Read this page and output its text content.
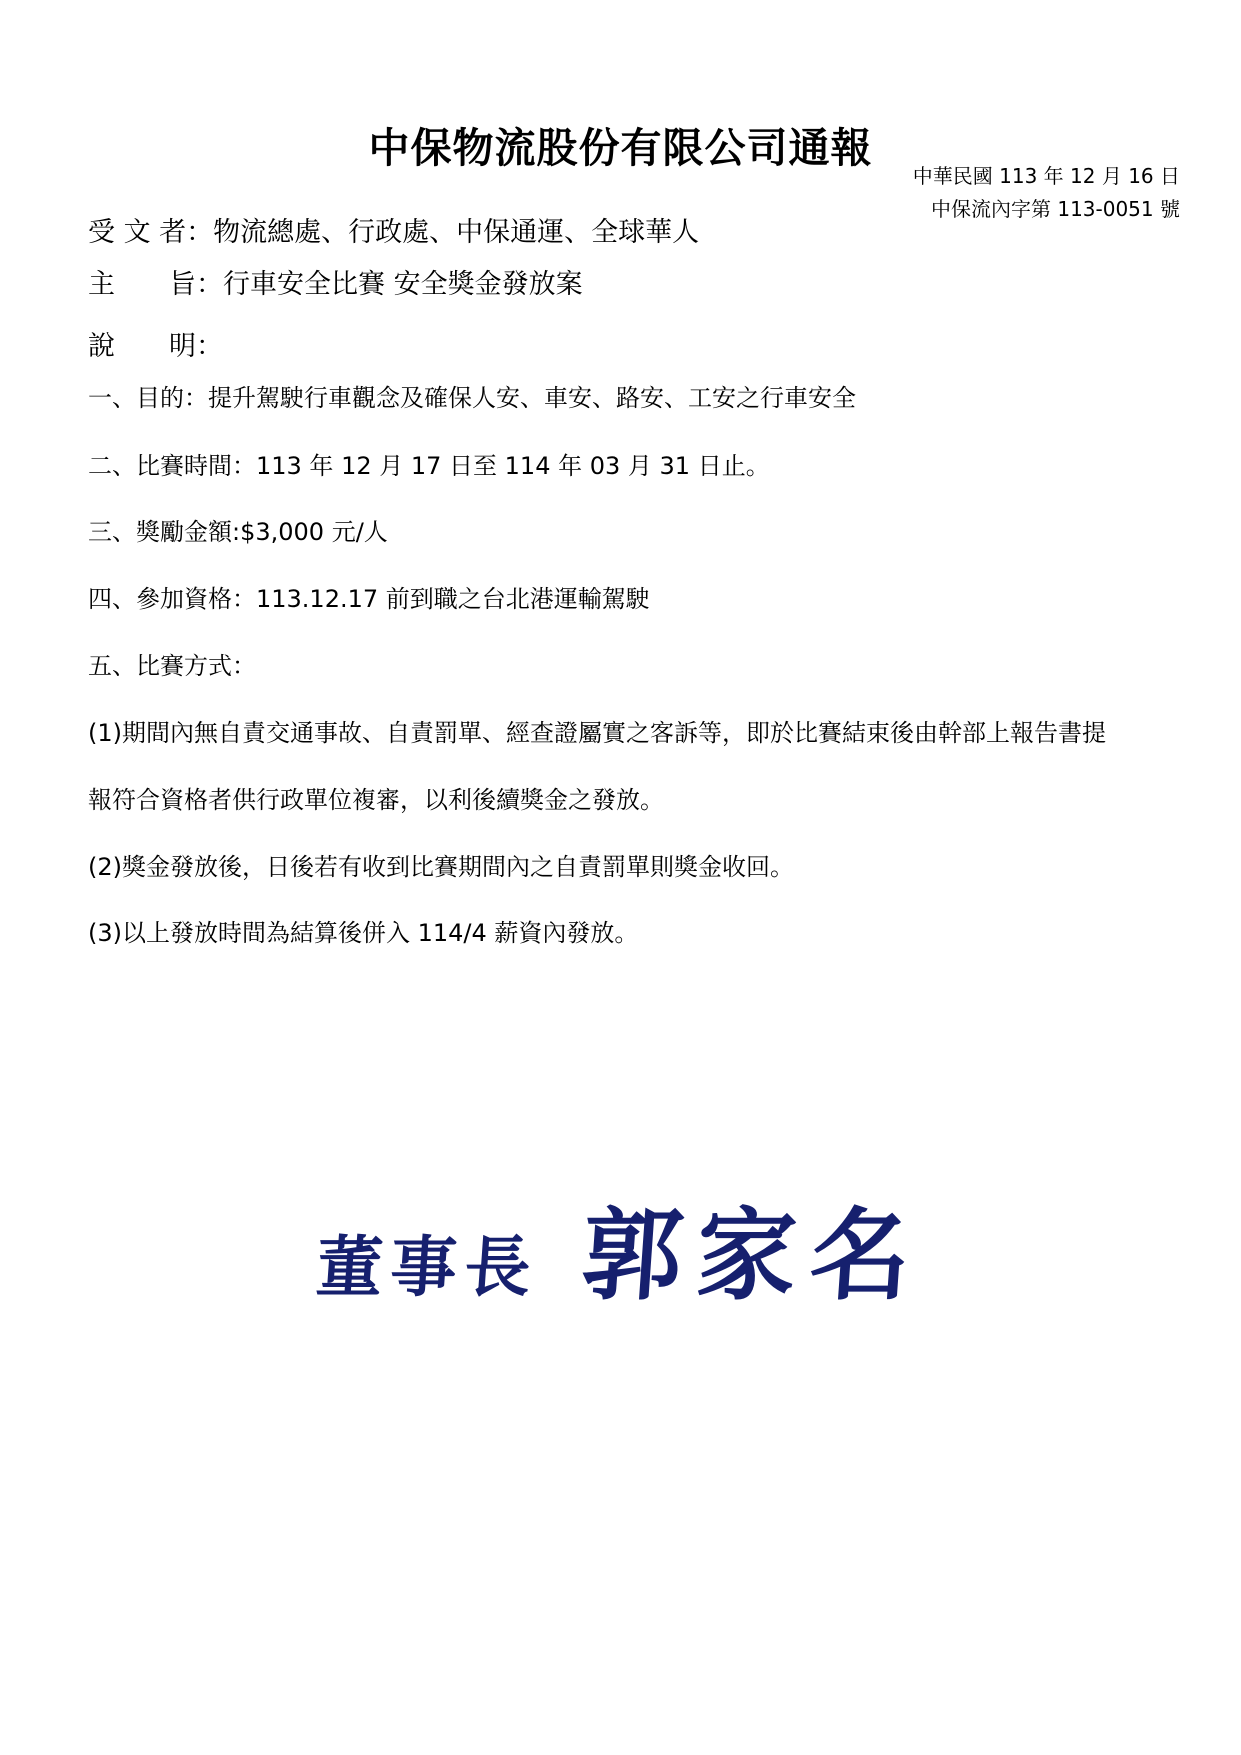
中保物流股份有限公司通報
中華民國 113 年 12 月 16 日
中保流內字第 113-0051 號
受 文 者：物流總處、行政處、中保通運、全球華人
主　　旨：行車安全比賽 安全獎金發放案
說　　明：
一、目的：提升駕駛行車觀念及確保人安、車安、路安、工安之行車安全
二、比賽時間：113 年 12 月 17 日至 114 年 03 月 31 日止。
三、獎勵金額:$3,000 元/人
四、參加資格：113.12.17 前到職之台北港運輸駕駛
五、比賽方式：
(1)期間內無自責交通事故、自責罰單、經查證屬實之客訴等，即於比賽結束後由幹部上報告書提
報符合資格者供行政單位複審，以利後續獎金之發放。
(2)獎金發放後，日後若有收到比賽期間內之自責罰單則獎金收回。
(3)以上發放時間為結算後併入 114/4 薪資內發放。
董事長 郭家名
